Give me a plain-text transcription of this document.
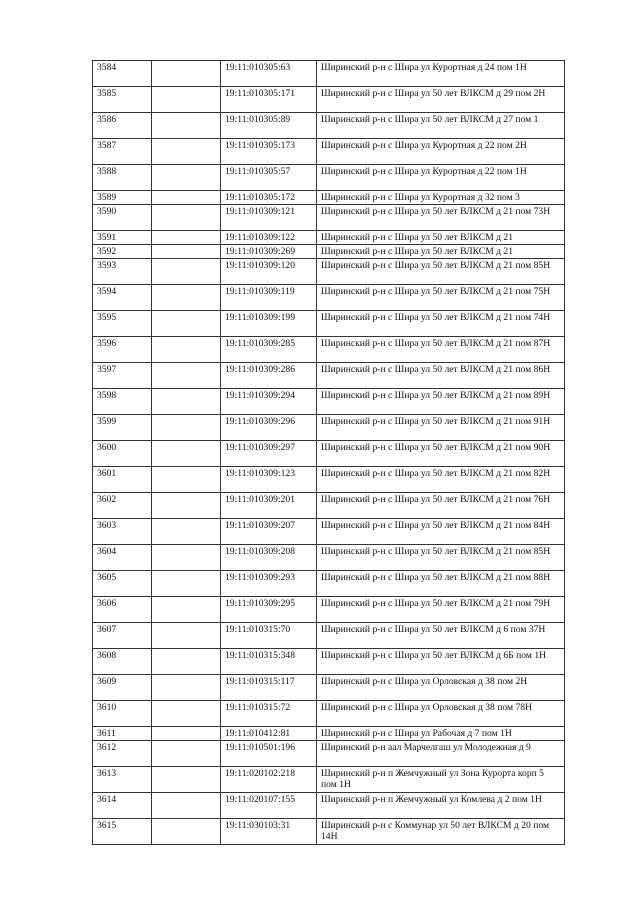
3584		19:11:010305:63	Ширинский р-н с Шира ул Курортная д 24 пом 1Н
3585		19:11:010305:171	Ширинский р-н с Шира ул 50 лет ВЛКСМ д 29 пом 2Н
3586		19:11:010305:89	Ширинский р-н с Шира ул 50 лет ВЛКСМ д 27 пом 1
3587		19:11:010305:173	Ширинский р-н с Шира ул Курортная д 22 пом 2Н
3588		19:11:010305:57	Ширинский р-н с Шира ул Курортная д 22 пом 1Н
3589		19:11:010305:172	Ширинский р-н с Шира ул Курортная д 32 пом 3
3590		19:11:010309:121	Ширинский р-н с Шира ул 50 лет ВЛКСМ д 21 пом 73Н
3591		19:11:010309:122	Ширинский р-н с Шира ул 50 лет ВЛКСМ д 21
3592		19:11:010309:269	Ширинский р-н с Шира ул 50 лет ВЛКСМ д 21
3593		19:11:010309:120	Ширинский р-н с Шира ул 50 лет ВЛКСМ д 21 пом 85Н
3594		19:11:010309:119	Ширинский р-н с Шира ул 50 лет ВЛКСМ д 21 пом 75Н
3595		19:11:010309:199	Ширинский р-н с Шира ул 50 лет ВЛКСМ д 21 пом 74Н
3596		19:11:010309:285	Ширинский р-н с Шира ул 50 лет ВЛКСМ д 21 пом 87Н
3597		19:11:010309:286	Ширинский р-н с Шира ул 50 лет ВЛКСМ д 21 пом 86Н
3598		19:11:010309:294	Ширинский р-н с Шира ул 50 лет ВЛКСМ д 21 пом 89Н
3599		19:11:010309:296	Ширинский р-н с Шира ул 50 лет ВЛКСМ д 21 пом 91Н
3600		19:11:010309:297	Ширинский р-н с Шира ул 50 лет ВЛКСМ д 21 пом 90Н
3601		19:11:010309:123	Ширинский р-н с Шира ул 50 лет ВЛКСМ д 21 пом 82Н
3602		19:11:010309:201	Ширинский р-н с Шира ул 50 лет ВЛКСМ д 21 пом 76Н
3603		19:11:010309:207	Ширинский р-н с Шира ул 50 лет ВЛКСМ д 21 пом 84Н
3604		19:11:010309:208	Ширинский р-н с Шира ул 50 лет ВЛКСМ д 21 пом 85Н
3605		19:11:010309:293	Ширинский р-н с Шира ул 50 лет ВЛКСМ д 21 пом 88Н
3606		19:11:010309:295	Ширинский р-н с Шира ул 50 лет ВЛКСМ д 21 пом 79Н
3607		19:11:010315:70	Ширинский р-н с Шира ул 50 лет ВЛКСМ д 6 пом 37Н
3608		19:11:010315:348	Ширинский р-н с Шира ул 50 лет ВЛКСМ д 6Б пом 1Н
3609		19:11:010315:117	Ширинский р-н с Шира ул Орловская д 38 пом 2Н
3610		19:11:010315:72	Ширинский р-н с Шира ул Орловская д 38 пом 78Н
3611		19:11:010412:81	Ширинский р-н с Шира ул Рабочая д 7 пом 1Н
3612		19:11:010501:196	Ширинский р-н аал Марчелгаш ул Молодежная д 9
3613		19:11:020102:218	Ширинский р-н п Жемчужный ул Зона Курорта корп 5 пом 1Н
3614		19:11:020107:155	Ширинский р-н п Жемчужный ул Комлева д 2 пом 1Н
3615		19:11:030103:31	Ширинский р-н с Коммунар ул 50 лет ВЛКСМ д 20 пом 14Н
